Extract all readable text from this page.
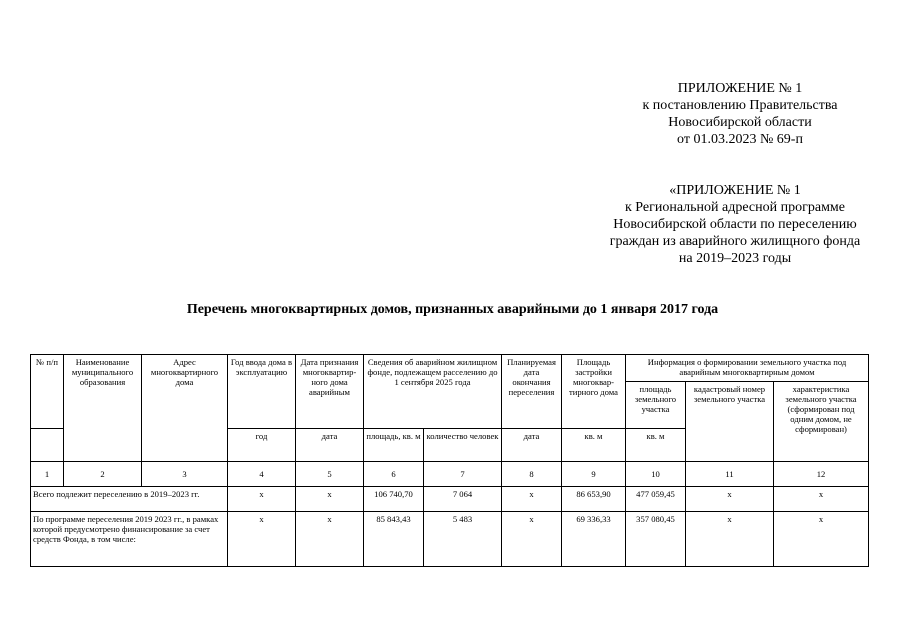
ПРИЛОЖЕНИЕ № 1
к постановлению Правительства
Новосибирской области
от 01.03.2023 № 69-п
«ПРИЛОЖЕНИЕ № 1
к Региональной адресной программе
Новосибирской области по переселению
граждан из аварийного жилищного фонда
на 2019–2023 годы
Перечень многоквартирных домов, признанных аварийными до 1 января 2017 года
№ п/п	Наименование муниципального образования	Адрес многоквартирного дома	Год ввода дома в эксплуатацию	Дата признания многоквартир-ного дома аварийным	Сведения об аварийном жилищном фонде, подлежащем расселению до 1 сентября 2025 года		Планируемая дата окончания переселения	Площадь застройки многоквар-тирного дома	Информация о формировании земельного участка под аварийным многоквартирным домом		
									площадь земельного участка	кадастровый номер земельного участка	характеристика земельного участка (сформирован под одним домом, не сформирован)
			год	дата	площадь, кв. м	количество человек	дата	кв. м	кв. м		
1	2	3	4	5	6	7	8	9	10	11	12
Всего подлежит переселению в 2019–2023 гг.			х	х	106 740,70	7 064	х	86 653,90	477 059,45	х	х
По программе переселения 2019 2023 гг., в рамках которой предусмотрено финансирование за счет средств Фонда, в том числе:			х	х	85 843,43	5 483	х	69 336,33	357 080,45	х	х
